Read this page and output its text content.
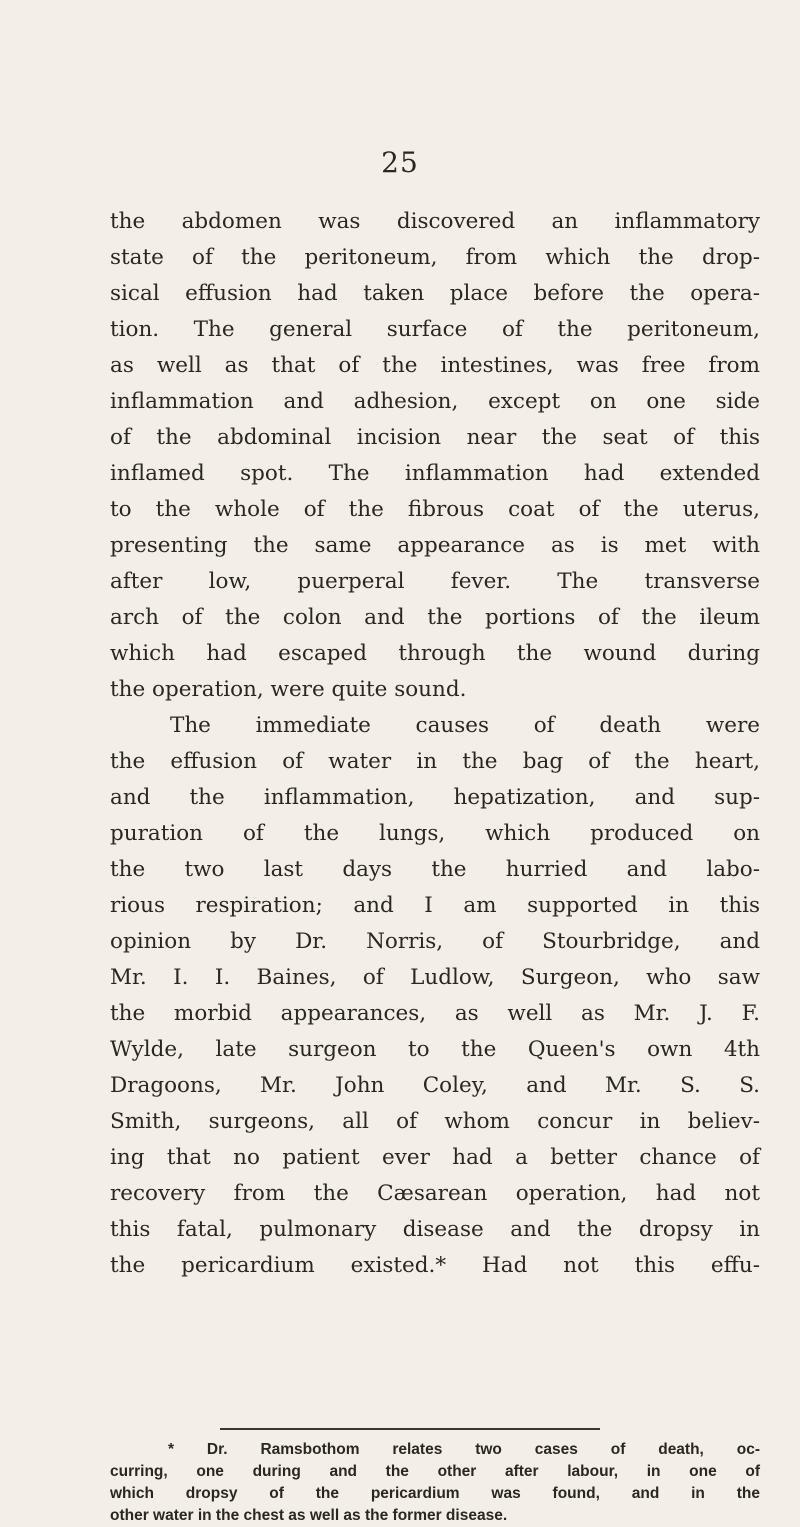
25

the abdomen was discovered an inflammatory
state of the peritoneum, from which the drop-
sical effusion had taken place before the opera-
tion. The general surface of the peritoneum,
as well as that of the intestines, was free from
inflammation and adhesion, except on one side
of the abdominal incision near the seat of this
inflamed spot. The inflammation had extended
to the whole of the fibrous coat of the uterus,
presenting the same appearance as is met with
after low, puerperal fever. The transverse
arch of the colon and the portions of the ileum
which had escaped through the wound during
the operation, were quite sound.

The immediate causes of death were
the effusion of water in the bag of the heart,
and the inflammation, hepatization, and sup-
puration of the lungs, which produced on
the two last days the hurried and labo-
rious respiration; and I am supported in this
opinion by Dr. Norris, of Stourbridge, and
Mr. I. I. Baines, of Ludlow, Surgeon, who saw
the morbid appearances, as well as Mr. J. F.
Wylde, late surgeon to the Queen's own 4th
Dragoons, Mr. John Coley, and Mr. S. S.
Smith, surgeons, all of whom concur in believ-
ing that no patient ever had a better chance of
recovery from the Cæsarean operation, had not
this fatal, pulmonary disease and the dropsy in
the pericardium existed.* Had not this effu-

* Dr. Ramsbothom relates two cases of death, oc-
curring, one during and the other after labour, in one of
which dropsy of the pericardium was found, and in the
other water in the chest as well as the former disease.
